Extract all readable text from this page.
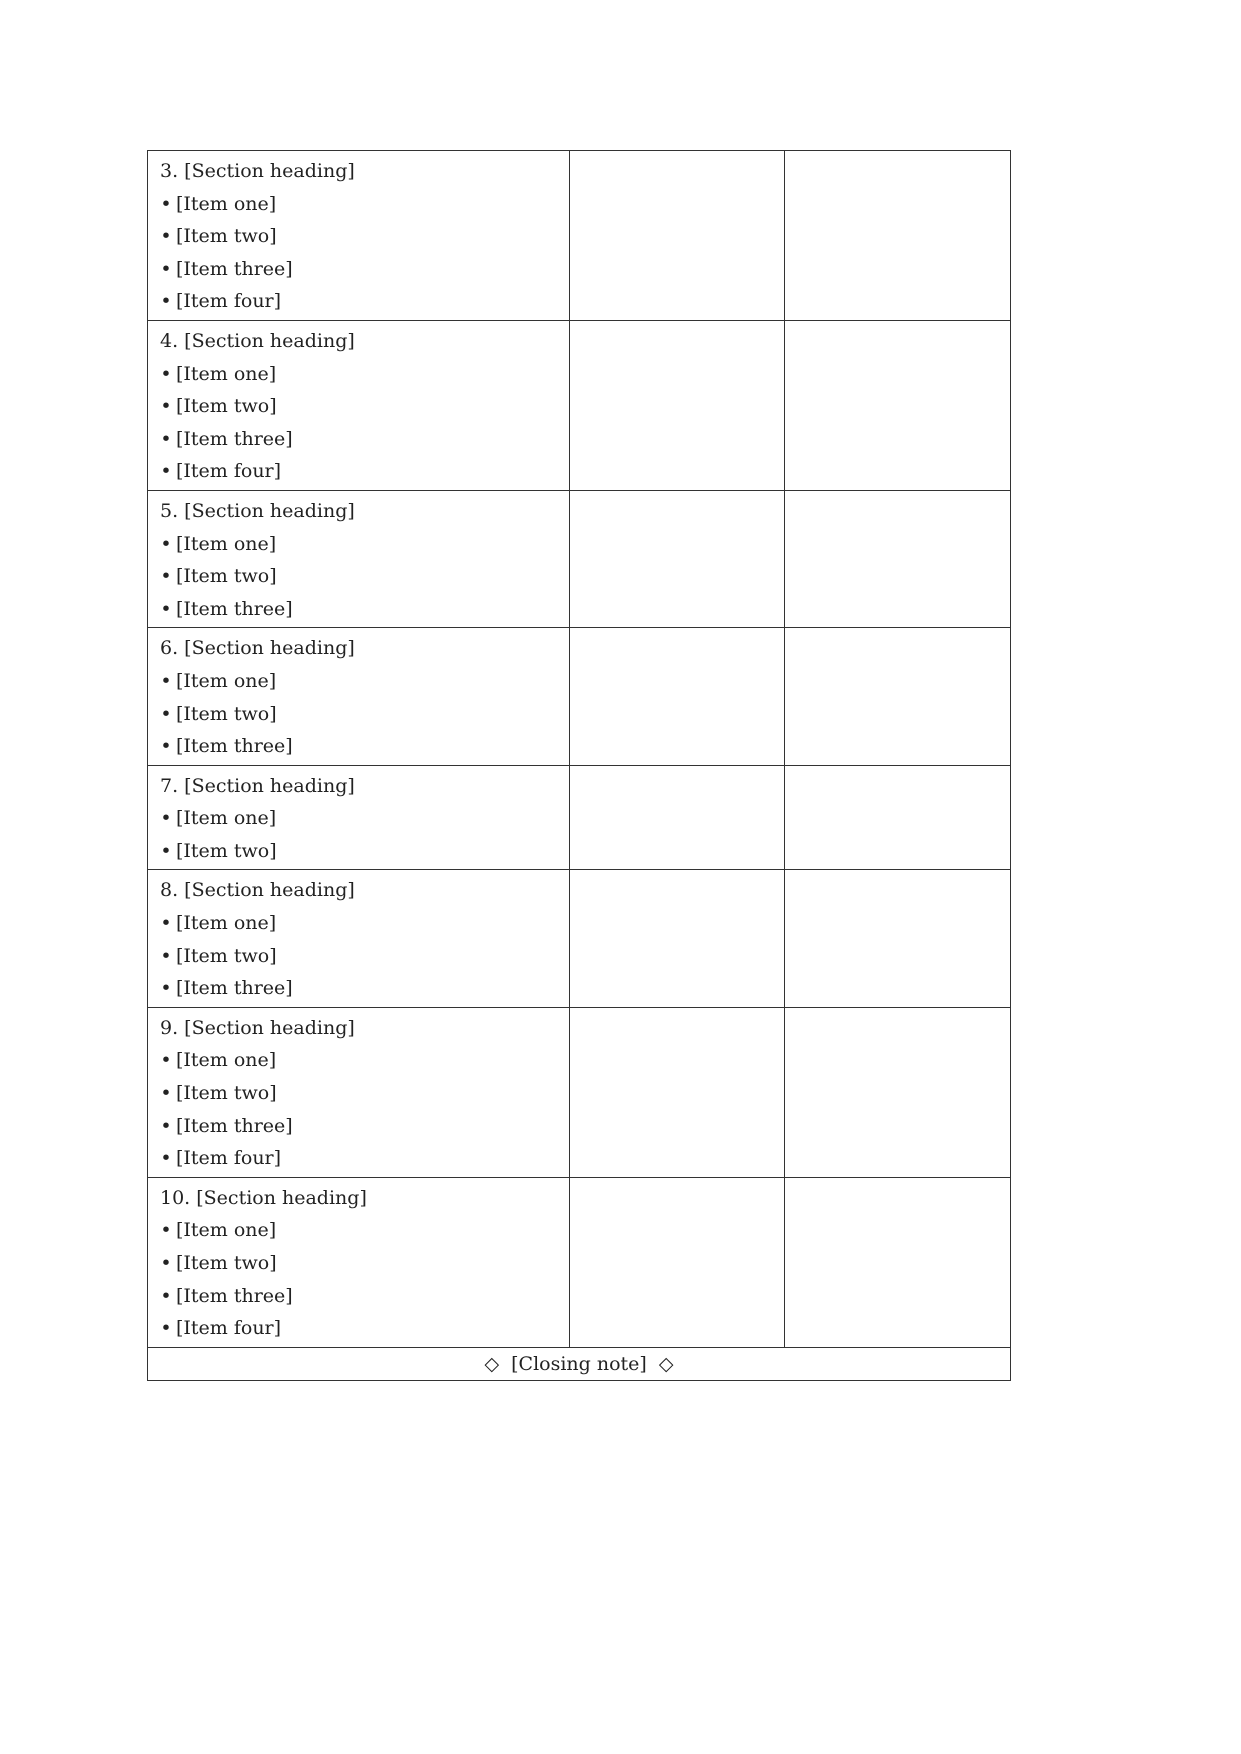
3. [Section heading]
• [Item one]
• [Item two]
• [Item three]
• [Item four]

4. [Section heading]
• [Item one]
• [Item two]
• [Item three]
• [Item four]

5. [Section heading]
• [Item one]
• [Item two]
• [Item three]

6. [Section heading]
• [Item one]
• [Item two]
• [Item three]

7. [Section heading]
• [Item one]
• [Item two]

8. [Section heading]
• [Item one]
• [Item two]
• [Item three]

9. [Section heading]
• [Item one]
• [Item two]
• [Item three]
• [Item four]

10. [Section heading]
• [Item one]
• [Item two]
• [Item three]
• [Item four]

◇ [Closing note] ◇		
